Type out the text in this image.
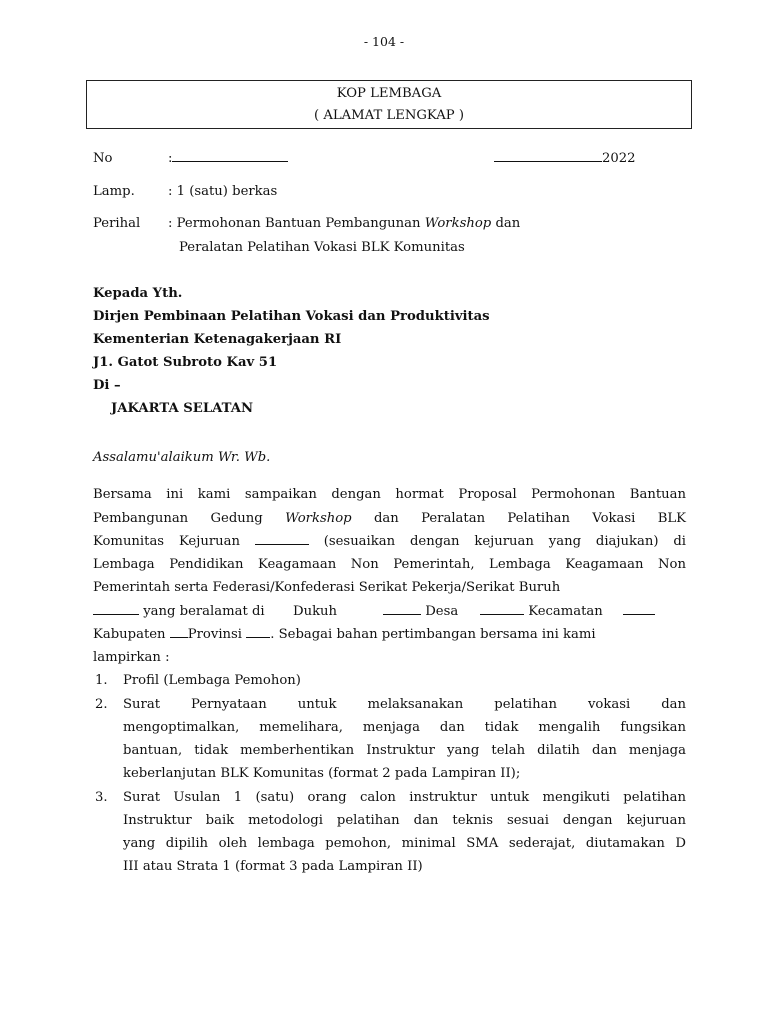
- 104 -
KOP LEMBAGA
( ALAMAT LENGKAP )
No	:	2022
Lamp.	: 1 (satu) berkas
Perihal : Permohonan Bantuan Pembangunan Workshop dan
Peralatan Pelatihan Vokasi BLK Komunitas
Kepada Yth.
Dirjen Pembinaan Pelatihan Vokasi dan Produktivitas
Kementerian Ketenagakerjaan RI
J1. Gatot Subroto Kav 51
Di –
JAKARTA SELATAN
Assalamu'alaikum Wr. Wb.
Bersama ini kami sampaikan dengan hormat Proposal Permohonan Bantuan
Pembangunan Gedung Workshop dan Peralatan Pelatihan Vokasi BLK
Komunitas Kejuruan	(sesuaikan dengan kejuruan yang diajukan) di
Lembaga Pendidikan Keagamaan Non Pemerintah, Lembaga Keagamaan Non
Pemerintah serta Federasi/Konfederasi Serikat Pekerja/Serikat Buruh
yang beralamat di Dukuh	Desa	Kecamatan
Kabupaten Provinsi . Sebagai bahan pertimbangan bersama ini kami
lampirkan :
1. Profil (Lembaga Pemohon)
2. Surat Pernyataan untuk melaksanakan pelatihan vokasi dan
mengoptimalkan, memelihara, menjaga dan tidak mengalih fungsikan
bantuan, tidak memberhentikan Instruktur yang telah dilatih dan menjaga
keberlanjutan BLK Komunitas (format 2 pada Lampiran II);
3. Surat Usulan 1 (satu) orang calon instruktur untuk mengikuti pelatihan
Instruktur baik metodologi pelatihan dan teknis sesuai dengan kejuruan
yang dipilih oleh lembaga pemohon, minimal SMA sederajat, diutamakan D
III atau Strata 1 (format 3 pada Lampiran II)
